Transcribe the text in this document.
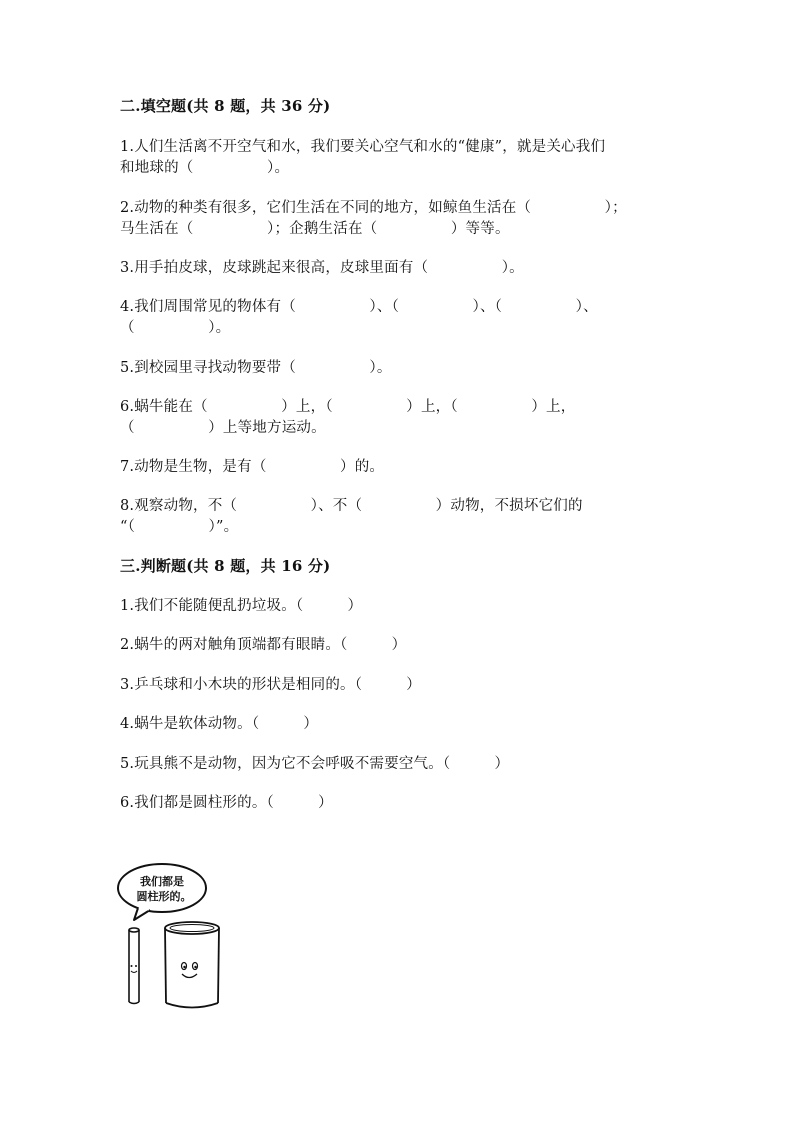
二.填空题(共 8 题，共 36 分)
1.人们生活离不开空气和水，我们要关心空气和水的“健康”，就是关心我们
和地球的（　　　　　）。
2.动物的种类有很多，它们生活在不同的地方，如鲸鱼生活在（　　　　　）；
马生活在（　　　　　）；企鹅生活在（　　　　　）等等。
3.用手拍皮球，皮球跳起来很高，皮球里面有（　　　　　）。
4.我们周围常见的物体有（　　　　　）、（　　　　　）、（　　　　　）、
（　　　　　）。
5.到校园里寻找动物要带（　　　　　）。
6.蜗牛能在（　　　　　）上，（　　　　　）上，（　　　　　）上，
（　　　　　）上等地方运动。
7.动物是生物，是有（　　　　　）的。
8.观察动物，不（　　　　　）、不（　　　　　）动物，不损坏它们的
“（　　　　　）”。
三.判断题(共 8 题，共 16 分)
1.我们不能随便乱扔垃圾。（　　　）
2.蜗牛的两对触角顶端都有眼睛。（　　　）
3.乒乓球和小木块的形状是相同的。（　　　）
4.蜗牛是软体动物。（　　　）
5.玩具熊不是动物，因为它不会呼吸不需要空气。（　　　）
6.我们都是圆柱形的。（　　　）
我们都是
圆柱形的。
